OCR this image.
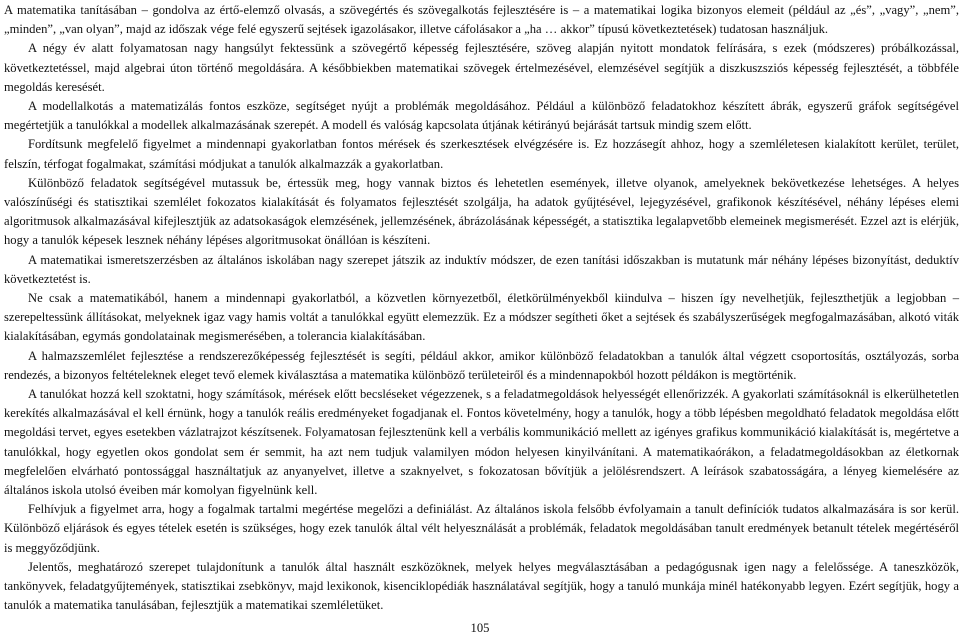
A matematika tanításában – gondolva az értő-elemző olvasás, a szövegértés és szövegalkotás fejlesztésére is – a matematikai logika bizonyos elemeit (például az „és”, „vagy”, „nem”, „minden”, „van olyan”, majd az időszak vége felé egyszerű sejtések igazolásakor, illetve cáfolásakor a „ha … akkor” típusú következtetések) tudatosan használjuk.

A négy év alatt folyamatosan nagy hangsúlyt fektessünk a szövegértő képesség fejlesztésére, szöveg alapján nyitott mondatok felírására, s ezek (módszeres) próbálkozással, következtetéssel, majd algebrai úton történő megoldására. A későbbiekben matematikai szövegek értelmezésével, elemzésével segítjük a diszkuszsziós képesség fejlesztését, a többféle megoldás keresését.

A modellalkotás a matematizálás fontos eszköze, segítséget nyújt a problémák megoldásához. Például a különböző feladatokhoz készített ábrák, egyszerű gráfok segítségével megértetjük a tanulókkal a modellek alkalmazásának szerepét. A modell és valóság kapcsolata útjának kétirányú bejárását tartsuk mindig szem előtt.

Fordítsunk megfelelő figyelmet a mindennapi gyakorlatban fontos mérések és szerkesztések elvégzésére is. Ez hozzásegít ahhoz, hogy a szemléletesen kialakított kerület, terület, felszín, térfogat fogalmakat, számítási módjukat a tanulók alkalmazzák a gyakorlatban.

Különböző feladatok segítségével mutassuk be, értessük meg, hogy vannak biztos és lehetetlen események, illetve olyanok, amelyeknek bekövetkezése lehetséges. A helyes valószínűségi és statisztikai szemlélet fokozatos kialakítását és folyamatos fejlesztését szolgálja, ha adatok gyűjtésével, lejegyzésével, grafikonok készítésével, néhány lépéses elemi algoritmusok alkalmazásával kifejlesztjük az adatsokaságok elemzésének, jellemzésének, ábrázolásának képességét, a statisztika legalapvetőbb elemeinek megismerését. Ezzel azt is elérjük, hogy a tanulók képesek lesznek néhány lépéses algoritmusokat önállóan is készíteni.

A matematikai ismeretszerzésben az általános iskolában nagy szerepet játszik az induktív módszer, de ezen tanítási időszakban is mutatunk már néhány lépéses bizonyítást, deduktív következtetést is.

Ne csak a matematikából, hanem a mindennapi gyakorlatból, a közvetlen környezetből, életkörülményekből kiindulva – hiszen így nevelhetjük, fejleszthetjük a legjobban – szerepeltessünk állításokat, melyeknek igaz vagy hamis voltát a tanulókkal együtt elemezzük. Ez a módszer segítheti őket a sejtések és szabályszerűségek megfogalmazásában, alkotó viták kialakításában, egymás gondolatainak megismerésében, a tolerancia kialakításában.

A halmazszemlélet fejlesztése a rendszerezőképesség fejlesztését is segíti, például akkor, amikor különböző feladatokban a tanulók által végzett csoportosítás, osztályozás, sorba rendezés, a bizonyos feltételeknek eleget tevő elemek kiválasztása a matematika különböző területeiről és a mindennapokból hozott példákon is megtörténik.

A tanulókat hozzá kell szoktatni, hogy számítások, mérések előtt becsléseket végezzenek, s a feladatmegoldások helyességét ellenőrizzék. A gyakorlati számításoknál is elkerülhetetlen kerekítés alkalmazásával el kell érnünk, hogy a tanulók reális eredményeket fogadjanak el. Fontos követelmény, hogy a tanulók, hogy a több lépésben megoldható feladatok megoldása előtt megoldási tervet, egyes esetekben vázlatrajzot készítsenek. Folyamatosan fejlesztenünk kell a verbális kommunikáció mellett az igényes grafikus kommunikáció kialakítását is, megértetve a tanulókkal, hogy egyetlen okos gondolat sem ér semmit, ha azt nem tudjuk valamilyen módon helyesen kinyilvánítani. A matematikaórákon, a feladatmegoldásokban az életkornak megfelelően elvárható pontossággal használtatjuk az anyanyelvet, illetve a szaknyelvet, s fokozatosan bővítjük a jelölésrendszert. A leírások szabatosságára, a lényeg kiemelésére az általános iskola utolsó éveiben már komolyan figyelnünk kell.

Felhívjuk a figyelmet arra, hogy a fogalmak tartalmi megértése megelőzi a definiálást. Az általános iskola felsőbb évfolyamain a tanult definíciók tudatos alkalmazására is sor kerül. Különböző eljárások és egyes tételek esetén is szükséges, hogy ezek tanulók által vélt helyesználását a problémák, feladatok megoldásában tanult eredmények betanult tételek megértéséről is meggyőződjünk.

Jelentős, meghatározó szerepet tulajdonítunk a tanulók által használt eszközöknek, melyek helyes megválasztásában a pedagógusnak igen nagy a felelőssége. A taneszközök, tankönyvek, feladatgyűjtemények, statisztikai zsebkönyv, majd lexikonok, kisenciklopédiák használatával segítjük, hogy a tanuló munkája minél hatékonyabb legyen. Ezért segítjük, hogy a tanulók a matematika tanulásában, fejlesztjük a matematikai szemléletüket.

105
